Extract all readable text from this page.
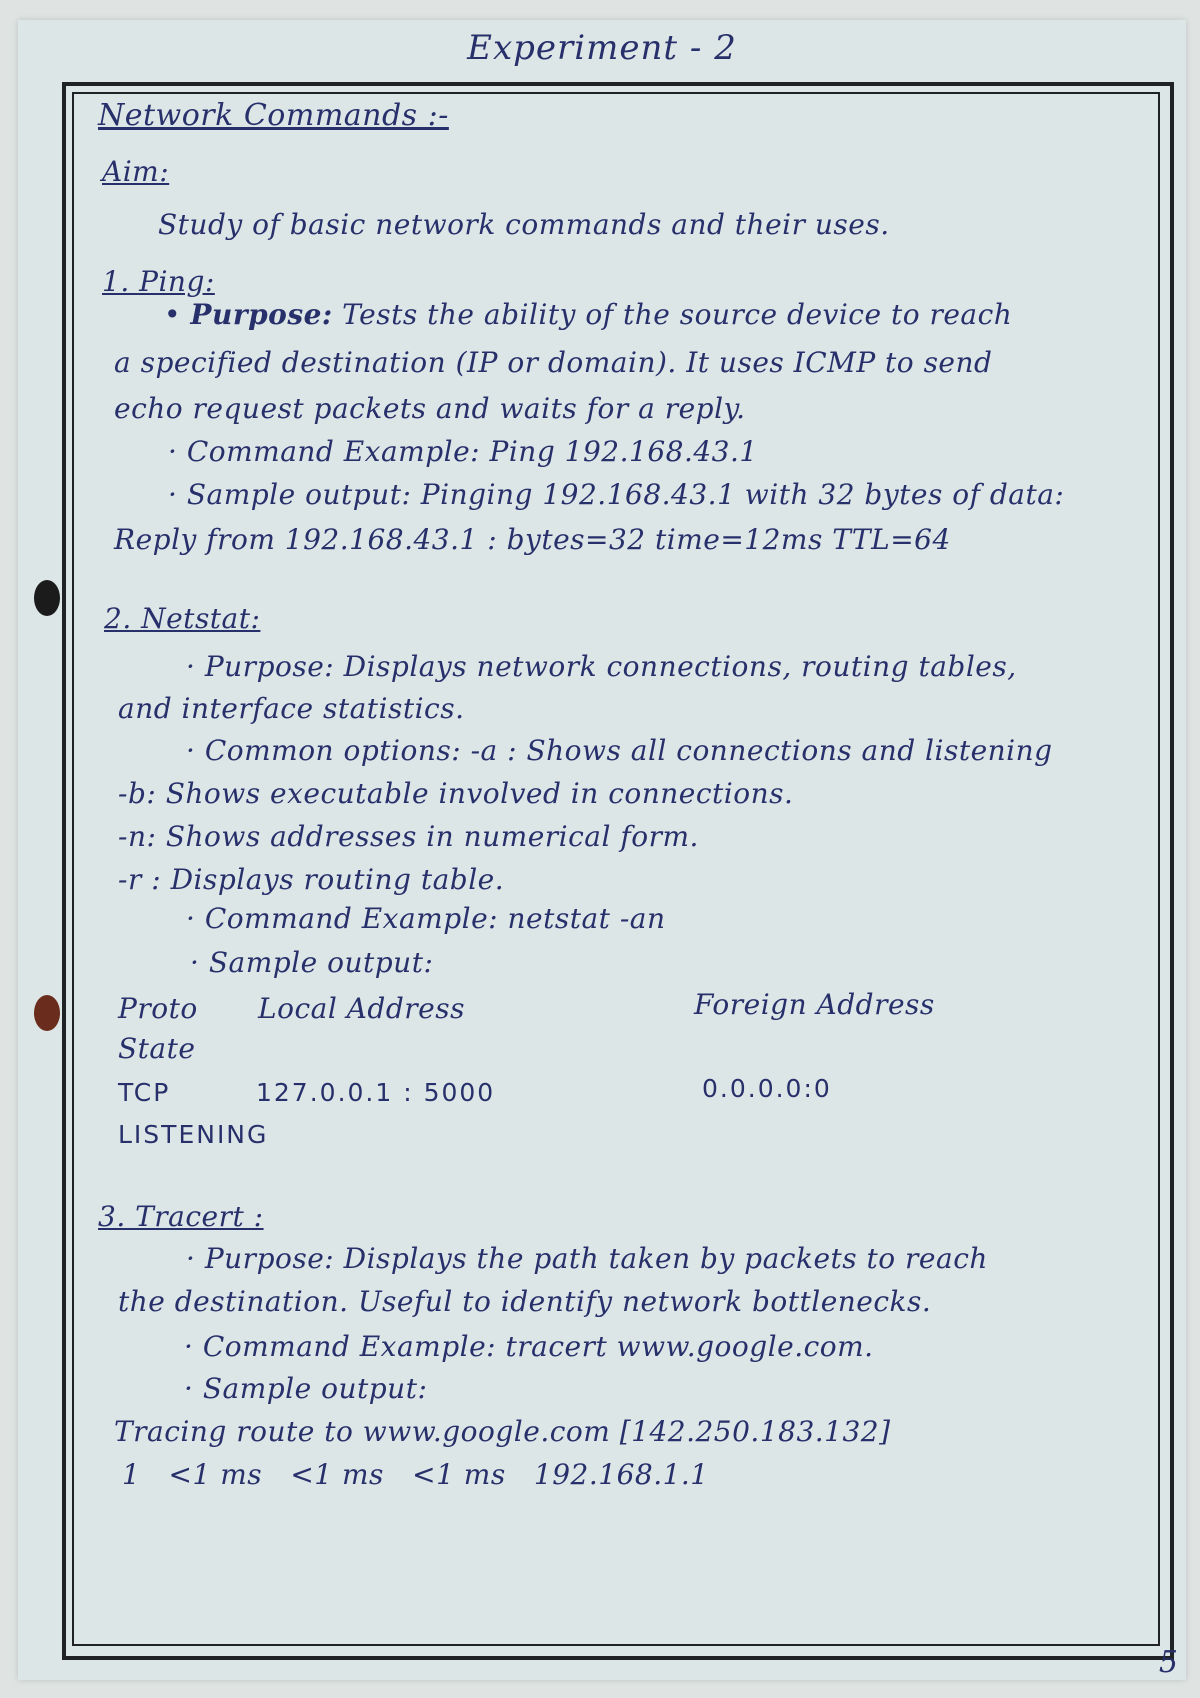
Experiment - 2
Network Commands :-
Aim:
Study of basic network commands and their uses.
1. Ping:
• Purpose: Tests the ability of the source device to reach
a specified destination (IP or domain). It uses ICMP to send
echo request packets and waits for a reply.
· Command Example: Ping 192.168.43.1
· Sample output: Pinging 192.168.43.1 with 32 bytes of data:
Reply from 192.168.43.1 : bytes=32 time=12ms TTL=64
2. Netstat:
· Purpose: Displays network connections, routing tables,
and interface statistics.
· Common options: -a : Shows all connections and listening
-b: Shows executable involved in connections.
-n: Shows addresses in numerical form.
-r : Displays routing table.
· Command Example: netstat -an
· Sample output:
Proto Local Address	Foreign Address
State
TCP	127.0.0.1 : 5000	0.0.0.0:0
LISTENING
3. Tracert :
· Purpose: Displays the path taken by packets to reach
the destination. Useful to identify network bottlenecks.
· Command Example: tracert www.google.com.
· Sample output:
Tracing route to www.google.com [142.250.183.132]
1   <1 ms   <1 ms   <1 ms   192.168.1.1
5
